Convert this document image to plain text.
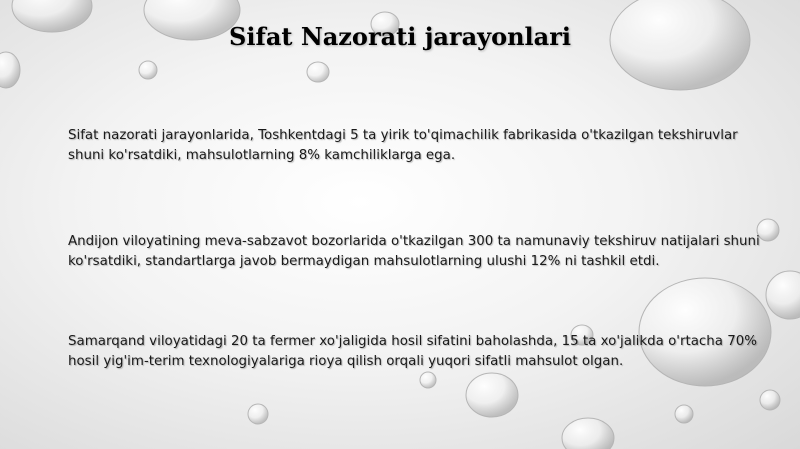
Sifat Nazorati jarayonlari

Sifat nazorati jarayonlarida, Toshkentdagi 5 ta yirik to'qimachilik fabrikasida o'tkazilgan tekshiruvlar shuni ko'rsatdiki, mahsulotlarning 8% kamchiliklarga ega.

Andijon viloyatining meva-sabzavot bozorlarida o'tkazilgan 300 ta namunaviy tekshiruv natijalari shuni ko'rsatdiki, standartlarga javob bermaydigan mahsulotlarning ulushi 12% ni tashkil etdi.

Samarqand viloyatidagi 20 ta fermer xo'jaligida hosil sifatini baholashda, 15 ta xo'jalikda o'rtacha 70% hosil yig'im-terim texnologiyalariga rioya qilish orqali yuqori sifatli mahsulot olgan.
